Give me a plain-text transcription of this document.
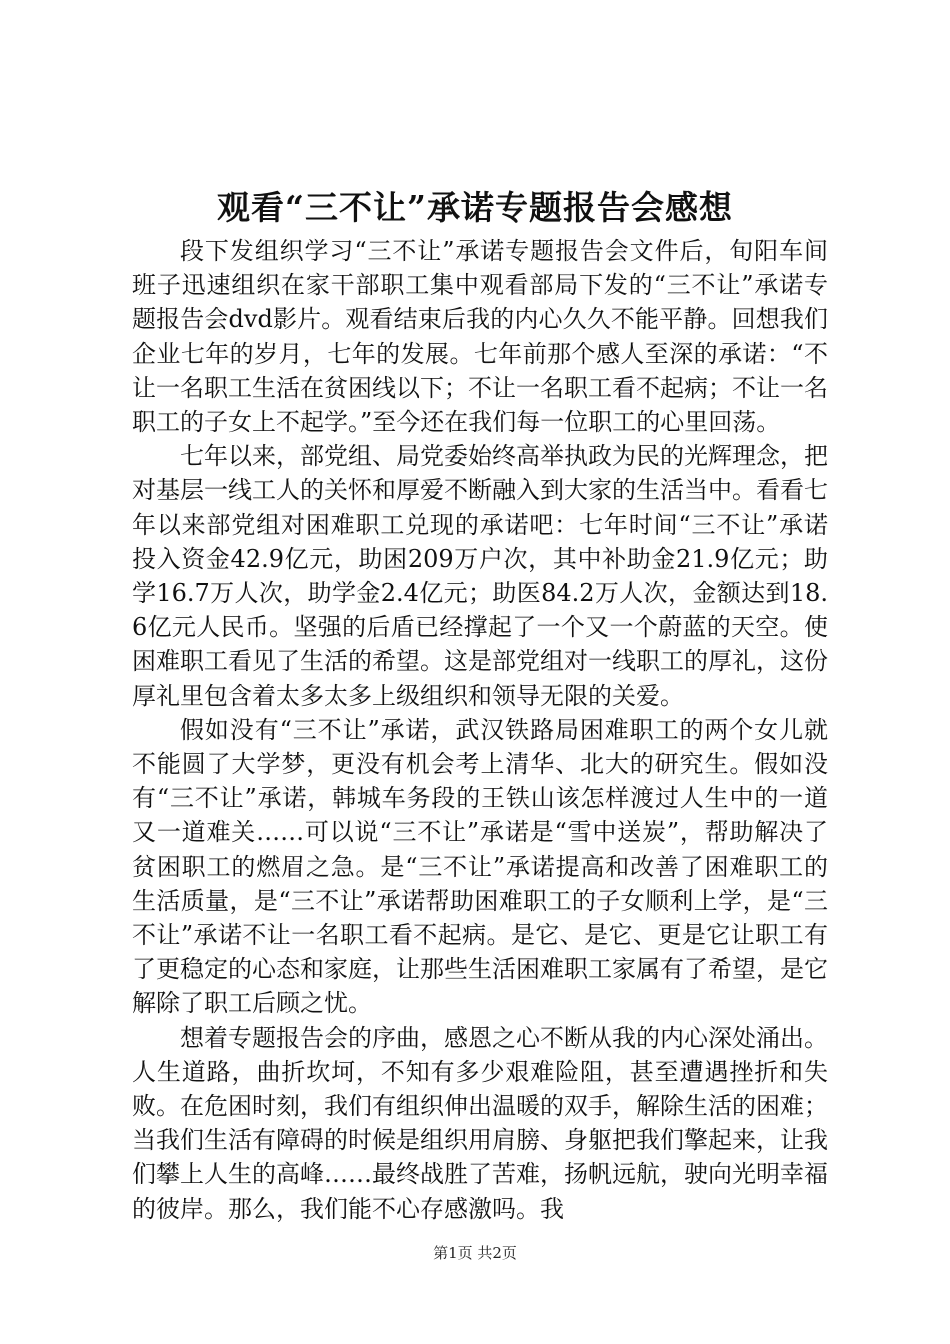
观看“三不让”承诺专题报告会感想

段下发组织学习“三不让”承诺专题报告会文件后，旬阳车间班子迅速组织在家干部职工集中观看部局下发的“三不让”承诺专题报告会dvd影片。观看结束后我的内心久久不能平静。回想我们企业七年的岁月，七年的发展。七年前那个感人至深的承诺：“不让一名职工生活在贫困线以下；不让一名职工看不起病；不让一名职工的子女上不起学。”至今还在我们每一位职工的心里回荡。

七年以来，部党组、局党委始终高举执政为民的光辉理念，把对基层一线工人的关怀和厚爱不断融入到大家的生活当中。看看七年以来部党组对困难职工兑现的承诺吧：七年时间“三不让”承诺投入资金42.9亿元，助困209万户次，其中补助金21.9亿元；助学16.7万人次，助学金2.4亿元；助医84.2万人次，金额达到18.6亿元人民币。坚强的后盾已经撑起了一个又一个蔚蓝的天空。使困难职工看见了生活的希望。这是部党组对一线职工的厚礼，这份厚礼里包含着太多太多上级组织和领导无限的关爱。

假如没有“三不让”承诺，武汉铁路局困难职工的两个女儿就不能圆了大学梦，更没有机会考上清华、北大的研究生。假如没有“三不让”承诺，韩城车务段的王铁山该怎样渡过人生中的一道又一道难关……可以说“三不让”承诺是“雪中送炭”，帮助解决了贫困职工的燃眉之急。是“三不让”承诺提高和改善了困难职工的生活质量，是“三不让”承诺帮助困难职工的子女顺利上学，是“三不让”承诺不让一名职工看不起病。是它、是它、更是它让职工有了更稳定的心态和家庭，让那些生活困难职工家属有了希望，是它解除了职工后顾之忧。

想着专题报告会的序曲，感恩之心不断从我的内心深处涌出。人生道路，曲折坎坷，不知有多少艰难险阻，甚至遭遇挫折和失败。在危困时刻，我们有组织伸出温暖的双手，解除生活的困难；当我们生活有障碍的时候是组织用肩膀、身躯把我们擎起来，让我们攀上人生的高峰……最终战胜了苦难，扬帆远航，驶向光明幸福的彼岸。那么，我们能不心存感激吗。我

第1页 共2页
